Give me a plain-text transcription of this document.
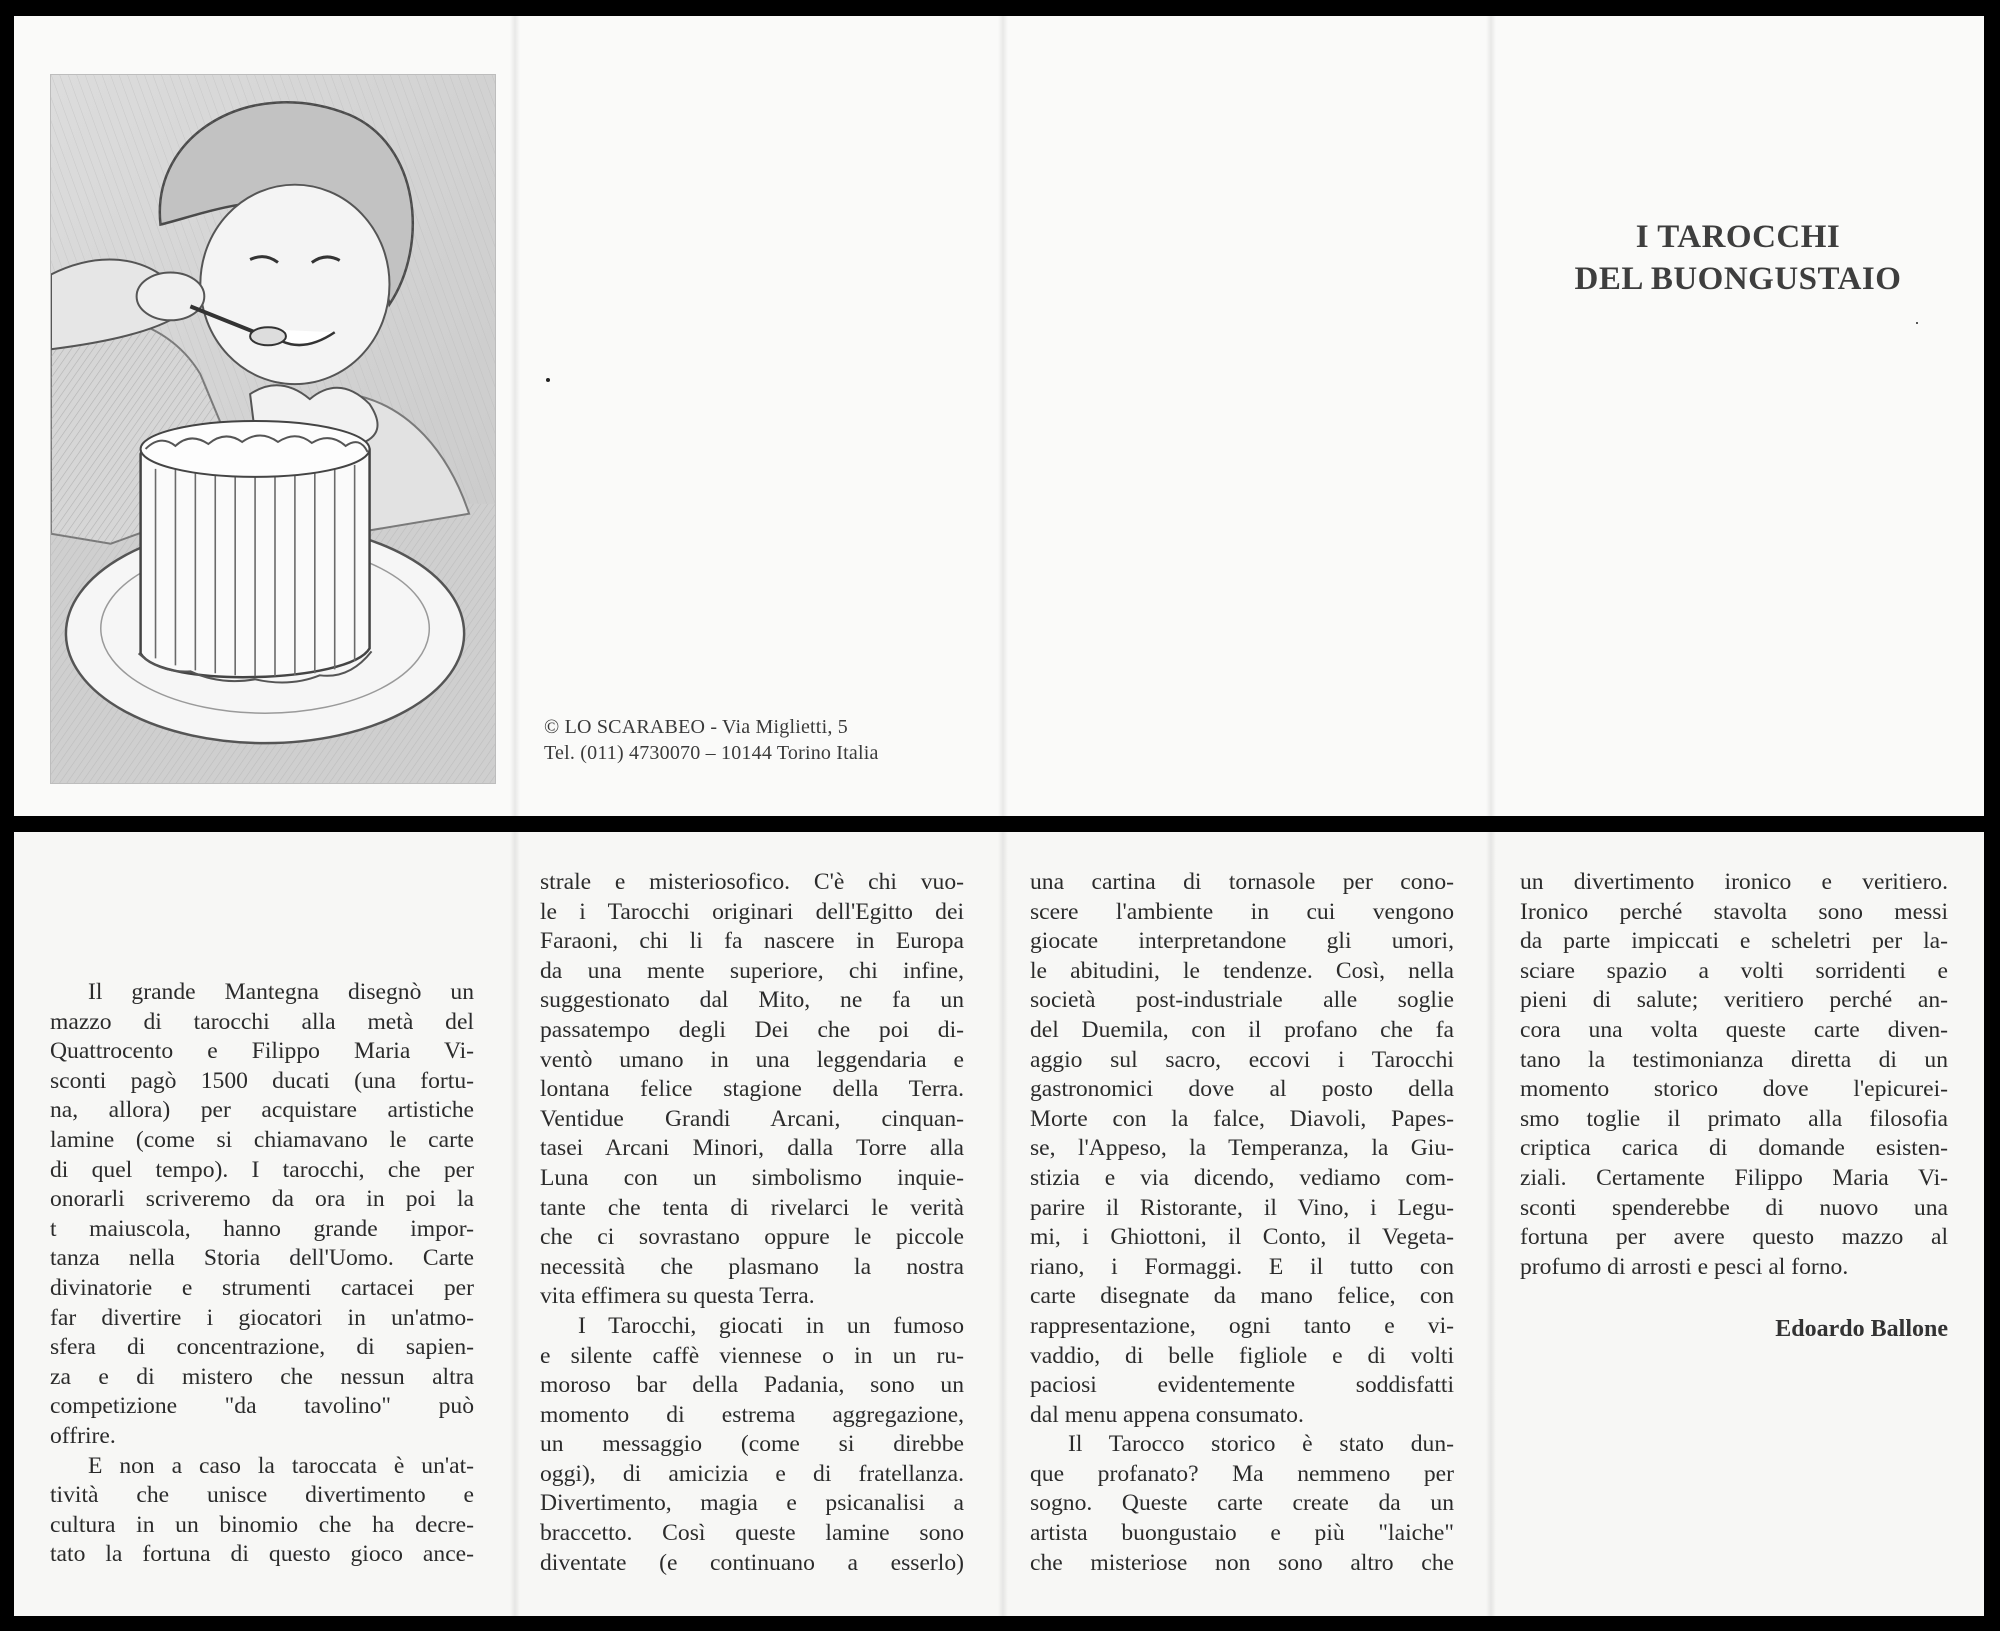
© LO SCARABEO - Via Miglietti, 5
Tel. (011) 4730070 – 10144 Torino Italia
I TAROCCHI
DEL BUONGUSTAIO
Il grande Mantegna disegnò un
mazzo di tarocchi alla metà del
Quattrocento e Filippo Maria Vi-
sconti pagò 1500 ducati (una fortu-
na, allora) per acquistare artistiche
lamine (come si chiamavano le carte
di quel tempo). I tarocchi, che per
onorarli scriveremo da ora in poi la
t maiuscola, hanno grande impor-
tanza nella Storia dell'Uomo. Carte
divinatorie e strumenti cartacei per
far divertire i giocatori in un'atmo-
sfera di concentrazione, di sapien-
za e di mistero che nessun altra
competizione "da tavolino" può
offrire.
E non a caso la taroccata è un'at-
tività che unisce divertimento e
cultura in un binomio che ha decre-
tato la fortuna di questo gioco ance-
strale e misteriosofico. C'è chi vuo-
le i Tarocchi originari dell'Egitto dei
Faraoni, chi li fa nascere in Europa
da una mente superiore, chi infine,
suggestionato dal Mito, ne fa un
passatempo degli Dei che poi di-
ventò umano in una leggendaria e
lontana felice stagione della Terra.
Ventidue Grandi Arcani, cinquan-
tasei Arcani Minori, dalla Torre alla
Luna con un simbolismo inquie-
tante che tenta di rivelarci le verità
che ci sovrastano oppure le piccole
necessità che plasmano la nostra
vita effimera su questa Terra.
I Tarocchi, giocati in un fumoso
e silente caffè viennese o in un ru-
moroso bar della Padania, sono un
momento di estrema aggregazione,
un messaggio (come si direbbe
oggi), di amicizia e di fratellanza.
Divertimento, magia e psicanalisi a
braccetto. Così queste lamine sono
diventate (e continuano a esserlo)
una cartina di tornasole per cono-
scere l'ambiente in cui vengono
giocate interpretandone gli umori,
le abitudini, le tendenze. Così, nella
società post-industriale alle soglie
del Duemila, con il profano che fa
aggio sul sacro, eccovi i Tarocchi
gastronomici dove al posto della
Morte con la falce, Diavoli, Papes-
se, l'Appeso, la Temperanza, la Giu-
stizia e via dicendo, vediamo com-
parire il Ristorante, il Vino, i Legu-
mi, i Ghiottoni, il Conto, il Vegeta-
riano, i Formaggi. E il tutto con
carte disegnate da mano felice, con
rappresentazione, ogni tanto e vi-
vaddio, di belle figliole e di volti
paciosi evidentemente soddisfatti
dal menu appena consumato.
Il Tarocco storico è stato dun-
que profanato? Ma nemmeno per
sogno. Queste carte create da un
artista buongustaio e più "laiche"
che misteriose non sono altro che
un divertimento ironico e veritiero.
Ironico perché stavolta sono messi
da parte impiccati e scheletri per la-
sciare spazio a volti sorridenti e
pieni di salute; veritiero perché an-
cora una volta queste carte diven-
tano la testimonianza diretta di un
momento storico dove l'epicurei-
smo toglie il primato alla filosofia
criptica carica di domande esisten-
ziali. Certamente Filippo Maria Vi-
sconti spenderebbe di nuovo una
fortuna per avere questo mazzo al
profumo di arrosti e pesci al forno.
Edoardo Ballone
